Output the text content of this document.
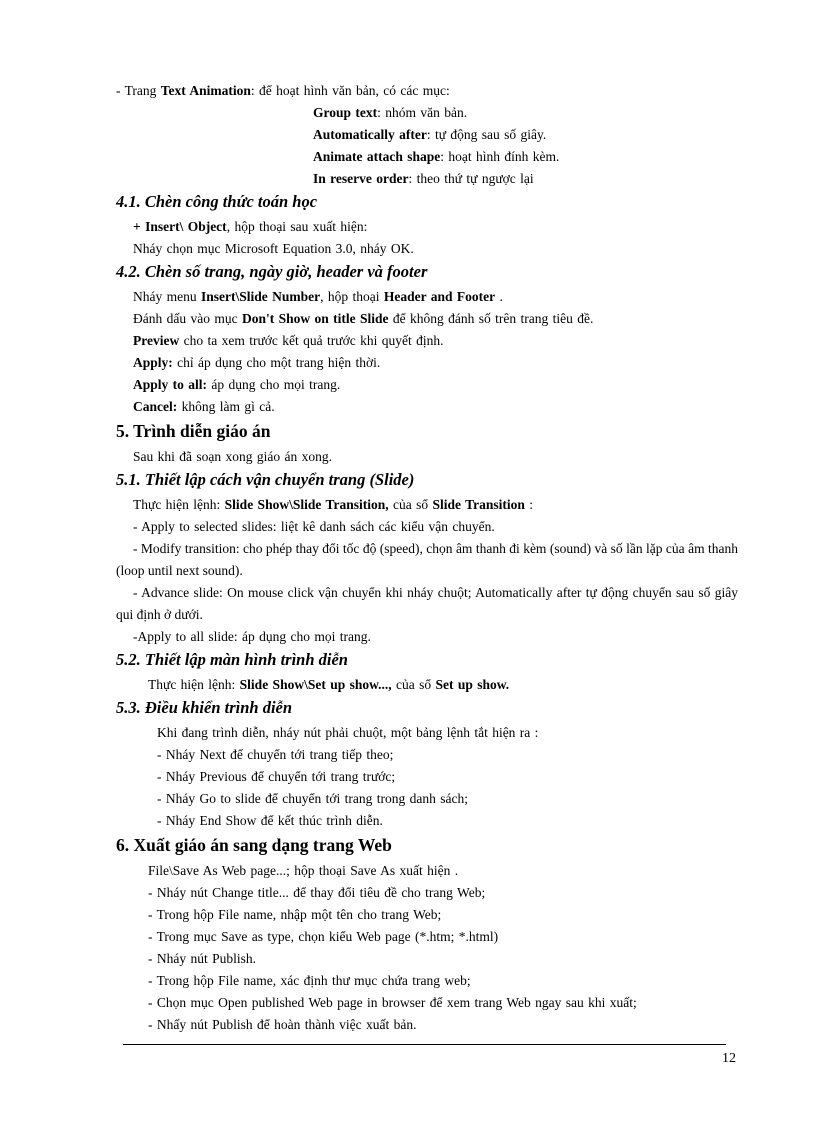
- Trang Text Animation: để hoạt hình văn bản, có các mục:
Group text: nhóm văn bản.
Automatically after: tự động sau số giây.
Animate attach shape: hoạt hình đính kèm.
In reserve order: theo thứ tự ngược lại
4.1. Chèn công thức toán học
+ Insert\ Object, hộp thoại sau xuất hiện:
Nháy chọn mục Microsoft Equation 3.0, nháy OK.
4.2. Chèn số trang, ngày giờ, header và footer
Nháy menu Insert\Slide Number, hộp thoại Header and Footer .
Đánh dấu vào mục Don't Show on title Slide để không đánh số trên trang tiêu đề.
Preview cho ta xem trước kết quả trước khi quyết định.
Apply: chỉ áp dụng cho một trang hiện thời.
Apply to all: áp dụng cho mọi trang.
Cancel: không làm gì cả.
5. Trình diễn giáo án
Sau khi đã soạn xong giáo án xong.
5.1. Thiết lập cách vận chuyển trang (Slide)
Thực hiện lệnh: Slide Show\Slide Transition, của sổ Slide Transition :
- Apply to selected slides: liệt kê danh sách các kiểu vận chuyển.
- Modify transition: cho phép thay đổi tốc độ (speed), chọn âm thanh đi kèm (sound) và số lần lặp của âm thanh (loop until next sound).
- Advance slide: On mouse click vận chuyển khi nháy chuột; Automatically after tự động chuyển sau số giây qui định ở dưới.
-Apply to all slide: áp dụng cho mọi trang.
5.2. Thiết lập màn hình trình diễn
Thực hiện lệnh: Slide Show\Set up show..., của sổ Set up show.
5.3. Điều khiển trình diễn
Khi đang trình diễn, nháy nút phải chuột, một bảng lệnh tắt hiện ra :
- Nháy Next để chuyển tới trang tiếp theo;
- Nháy Previous để chuyển tới trang trước;
- Nháy Go to slide để chuyển tới trang trong danh sách;
- Nháy End Show để kết thúc trình diễn.
6. Xuất giáo án sang dạng trang Web
File\Save As Web page...; hộp thoại Save As xuất hiện .
- Nháy nút Change title... để thay đổi tiêu đề cho trang Web;
- Trong hộp File name, nhập một tên cho trang Web;
- Trong mục Save as type, chọn kiểu Web page (*.htm; *.html)
- Nháy nút Publish.
- Trong hộp File name, xác định thư mục chứa trang web;
- Chọn mục Open published Web page in browser để xem trang Web ngay sau khi xuất;
- Nhấy nút Publish để hoàn thành việc xuất bản.
12
